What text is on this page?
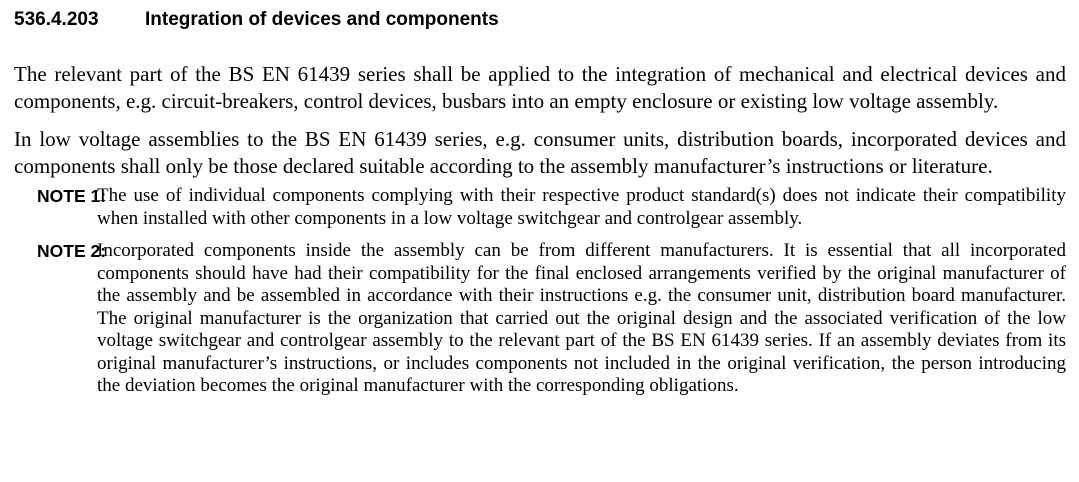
536.4.203 Integration of devices and components

The relevant part of the BS EN 61439 series shall be applied to the integration of mechanical and electrical devices and components, e.g. circuit-breakers, control devices, busbars into an empty enclosure or existing low voltage assembly.

In low voltage assemblies to the BS EN 61439 series, e.g. consumer units, distribution boards, incorporated devices and components shall only be those declared suitable according to the assembly manufacturer’s instructions or literature.

NOTE 1:
The use of individual components complying with their respective product standard(s) does not indicate their compatibility when installed with other components in a low voltage switchgear and controlgear assembly.
NOTE 2:
Incorporated components inside the assembly can be from different manufacturers. It is essential that all incorporated components should have had their compatibility for the final enclosed arrangements verified by the original manufacturer of the assembly and be assembled in accordance with their instructions e.g. the consumer unit, distribution board manufacturer. The original manufacturer is the organization that carried out the original design and the associated verification of the low voltage switchgear and controlgear assembly to the relevant part of the BS EN 61439 series. If an assembly deviates from its original manufacturer’s instructions, or includes components not included in the original verification, the person introducing the deviation becomes the original manufacturer with the corresponding obligations.
